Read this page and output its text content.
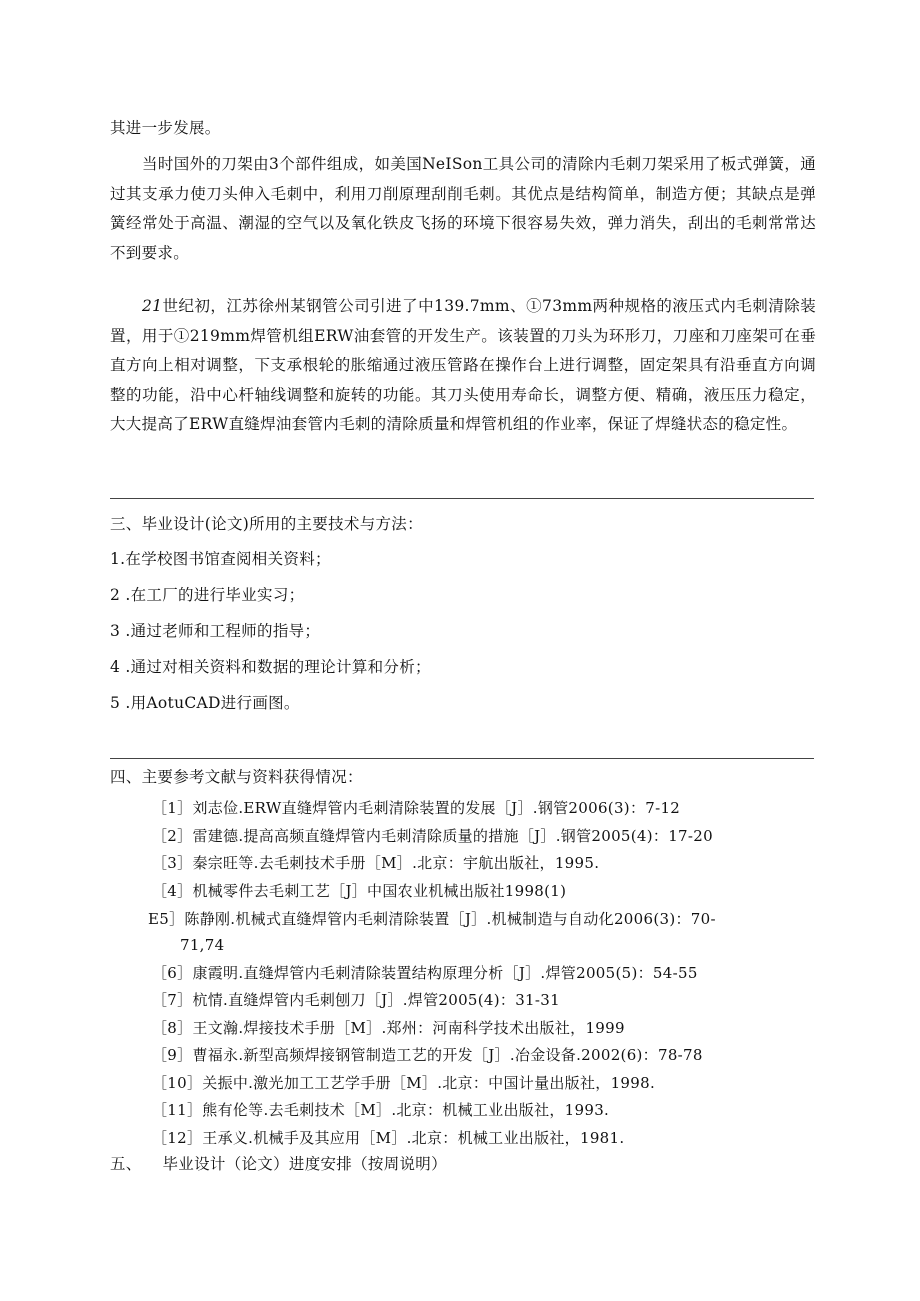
其进一步发展。

当时国外的刀架由3个部件组成，如美国NeISon工具公司的清除内毛刺刀架采用了板式弹簧，通过其支承力使刀头伸入毛刺中，利用刀削原理刮削毛刺。其优点是结构简单，制造方便；其缺点是弹簧经常处于高温、潮湿的空气以及氧化铁皮飞扬的环境下很容易失效，弹力消失，刮出的毛刺常常达不到要求。

21世纪初，江苏徐州某钢管公司引进了中139.7mm、①73mm两种规格的液压式内毛刺清除装置，用于①219mm焊管机组ERW油套管的开发生产。该装置的刀头为环形刀，刀座和刀座架可在垂直方向上相对调整，下支承根轮的胀缩通过液压管路在操作台上进行调整，固定架具有沿垂直方向调整的功能，沿中心杆轴线调整和旋转的功能。其刀头使用寿命长，调整方便、精确，液压压力稳定，大大提高了ERW直缝焊油套管内毛刺的清除质量和焊管机组的作业率，保证了焊缝状态的稳定性。

三、毕业设计(论文)所用的主要技术与方法：
1.在学校图书馆查阅相关资料；
2 .在工厂的进行毕业实习；
3 .通过老师和工程师的指导；
4 .通过对相关资料和数据的理论计算和分析；
5 .用AotuCAD进行画图。
四、主要参考文献与资料获得情况：
［1］刘志俭.ERW直缝焊管内毛刺清除装置的发展［J］.钢管2006(3)：7-12
［2］雷建德.提高高频直缝焊管内毛刺清除质量的措施［J］.钢管2005(4)：17-20
［3］秦宗旺等.去毛刺技术手册［M］.北京：宇航出版社，1995.
［4］机械零件去毛刺工艺［J］中国农业机械出版社1998(1)
E5］陈静刚.机械式直缝焊管内毛刺清除装置［J］.机械制造与自动化2006(3)：70-
71,74
［6］康霞明.直缝焊管内毛刺清除装置结构原理分析［J］.焊管2005(5)：54-55
［7］杭情.直缝焊管内毛刺刨刀［J］.焊管2005(4)：31-31
［8］王文瀚.焊接技术手册［M］.郑州：河南科学技术出版社，1999
［9］曹福永.新型高频焊接钢管制造工艺的开发［J］.冶金设备.2002(6)：78-78
［10］关振中.激光加工工艺学手册［M］.北京：中国计量出版社，1998.
［11］熊有伦等.去毛刺技术［M］.北京：机械工业出版社，1993.
［12］王承义.机械手及其应用［M］.北京：机械工业出版社，1981.
五、    毕业设计（论文）进度安排（按周说明）
